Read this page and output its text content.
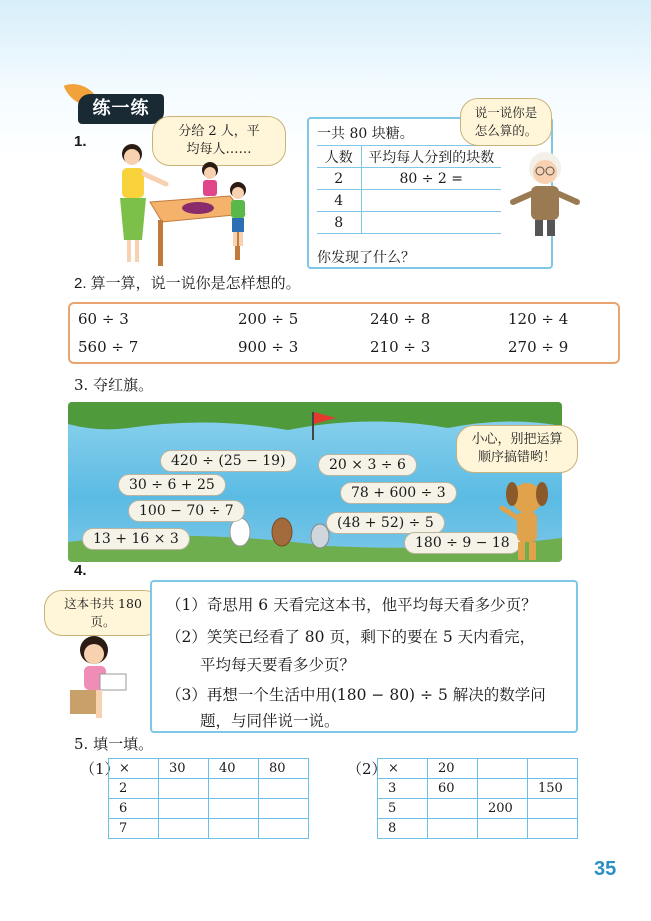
练一练
1.
分给 2 人，平
均每人……
一共 80 块糖。
人数	平均每人分到的块数
2	80 ÷ 2 =
4	
8	
你发现了什么？
说一说你是
怎么算的。
2. 算一算，说一说你是怎样想的。
60 ÷ 3	200 ÷ 5	240 ÷ 8	120 ÷ 4
560 ÷ 7	900 ÷ 3	210 ÷ 3	270 ÷ 9
3. 夺红旗。
420 ÷ (25 − 19)	20 × 3 ÷ 6
30 ÷ 6 + 25	78 + 600 ÷ 3
100 − 70 ÷ 7
(48 + 52) ÷ 5
13 + 16 × 3	180 ÷ 9 − 18
小心，别把运算
顺序搞错哟！
4.
这本书共 180 页。
（1）奇思用 6 天看完这本书，他平均每天看多少页？
（2）笑笑已经看了 80 页，剩下的要在 5 天内看完，
平均每天要看多少页？
（3）再想一个生活中用(180 − 80) ÷ 5 解决的数学问
题，与同伴说一说。
5. 填一填。
（1） ×	30	40	80
2			
6			
7			
（2） ×	20		
3	60		150
5		200	
8			
35
